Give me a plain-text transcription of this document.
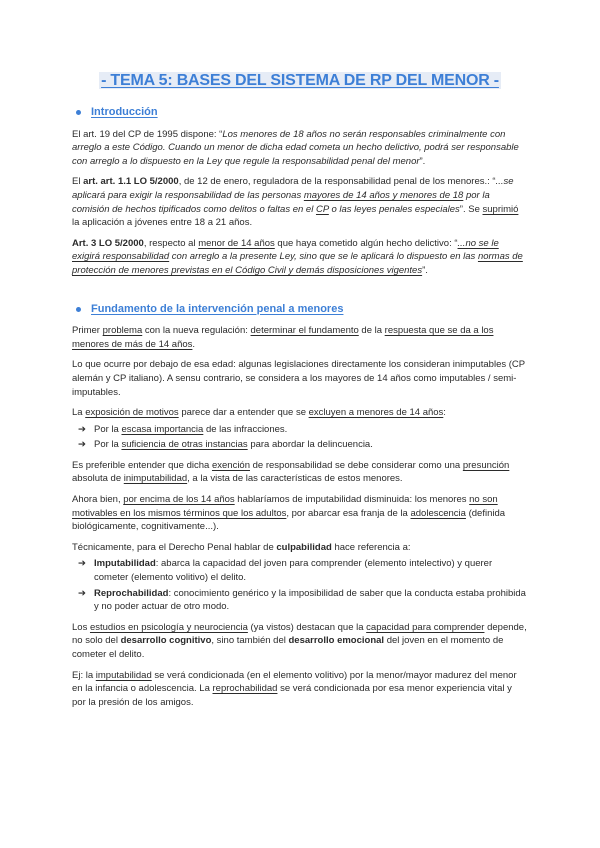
- TEMA 5: BASES DEL SISTEMA DE RP DEL MENOR -
Introducción

El art. 19 del CP de 1995 dispone: “Los menores de 18 años no serán responsables criminalmente con arreglo a este Código. Cuando un menor de dicha edad cometa un hecho delictivo, podrá ser responsable con arreglo a lo dispuesto en la Ley que regule la responsabilidad penal del menor”.

El art. art. 1.1 LO 5/2000, de 12 de enero, reguladora de la responsabilidad penal de los menores.: “...se aplicará para exigir la responsabilidad de las personas mayores de 14 años y menores de 18 por la comisión de hechos tipificados como delitos o faltas en el CP o las leyes penales especiales”. Se suprimió la aplicación a jóvenes entre 18 a 21 años.

Art. 3 LO 5/2000, respecto al menor de 14 años que haya cometido algún hecho delictivo: “...no se le exigirá responsabilidad con arreglo a la presente Ley, sino que se le aplicará lo dispuesto en las normas de protección de menores previstas en el Código Civil y demás disposiciones vigentes”.

Fundamento de la intervención penal a menores

Primer problema con la nueva regulación: determinar el fundamento de la respuesta que se da a los menores de más de 14 años.

Lo que ocurre por debajo de esa edad: algunas legislaciones directamente los consideran inimputables (CP alemán y CP italiano). A sensu contrario, se considera a los mayores de 14 años como imputables / semi-imputables.

La exposición de motivos parece dar a entender que se excluyen a menores de 14 años:

➔ Por la escasa importancia de las infracciones.
➔ Por la suficiencia de otras instancias para abordar la delincuencia.

Es preferible entender que dicha exención de responsabilidad se debe considerar como una presunción absoluta de inimputabilidad, a la vista de las características de estos menores.

Ahora bien, por encima de los 14 años hablaríamos de imputabilidad disminuida: los menores no son motivables en los mismos términos que los adultos, por abarcar esa franja de la adolescencia (definida biológicamente, cognitivamente...).

Técnicamente, para el Derecho Penal hablar de culpabilidad hace referencia a:

➔ Imputabilidad: abarca la capacidad del joven para comprender (elemento intelectivo) y querer cometer (elemento volitivo) el delito.
➔ Reprochabilidad: conocimiento genérico y la imposibilidad de saber que la conducta estaba prohibida y no poder actuar de otro modo.

Los estudios en psicología y neurociencia (ya vistos) destacan que la capacidad para comprender depende, no solo del desarrollo cognitivo, sino también del desarrollo emocional del joven en el momento de cometer el delito.

Ej: la imputabilidad se verá condicionada (en el elemento volitivo) por la menor/mayor madurez del menor en la infancia o adolescencia. La reprochabilidad se verá condicionada por esa menor experiencia vital y por la presión de los amigos.
